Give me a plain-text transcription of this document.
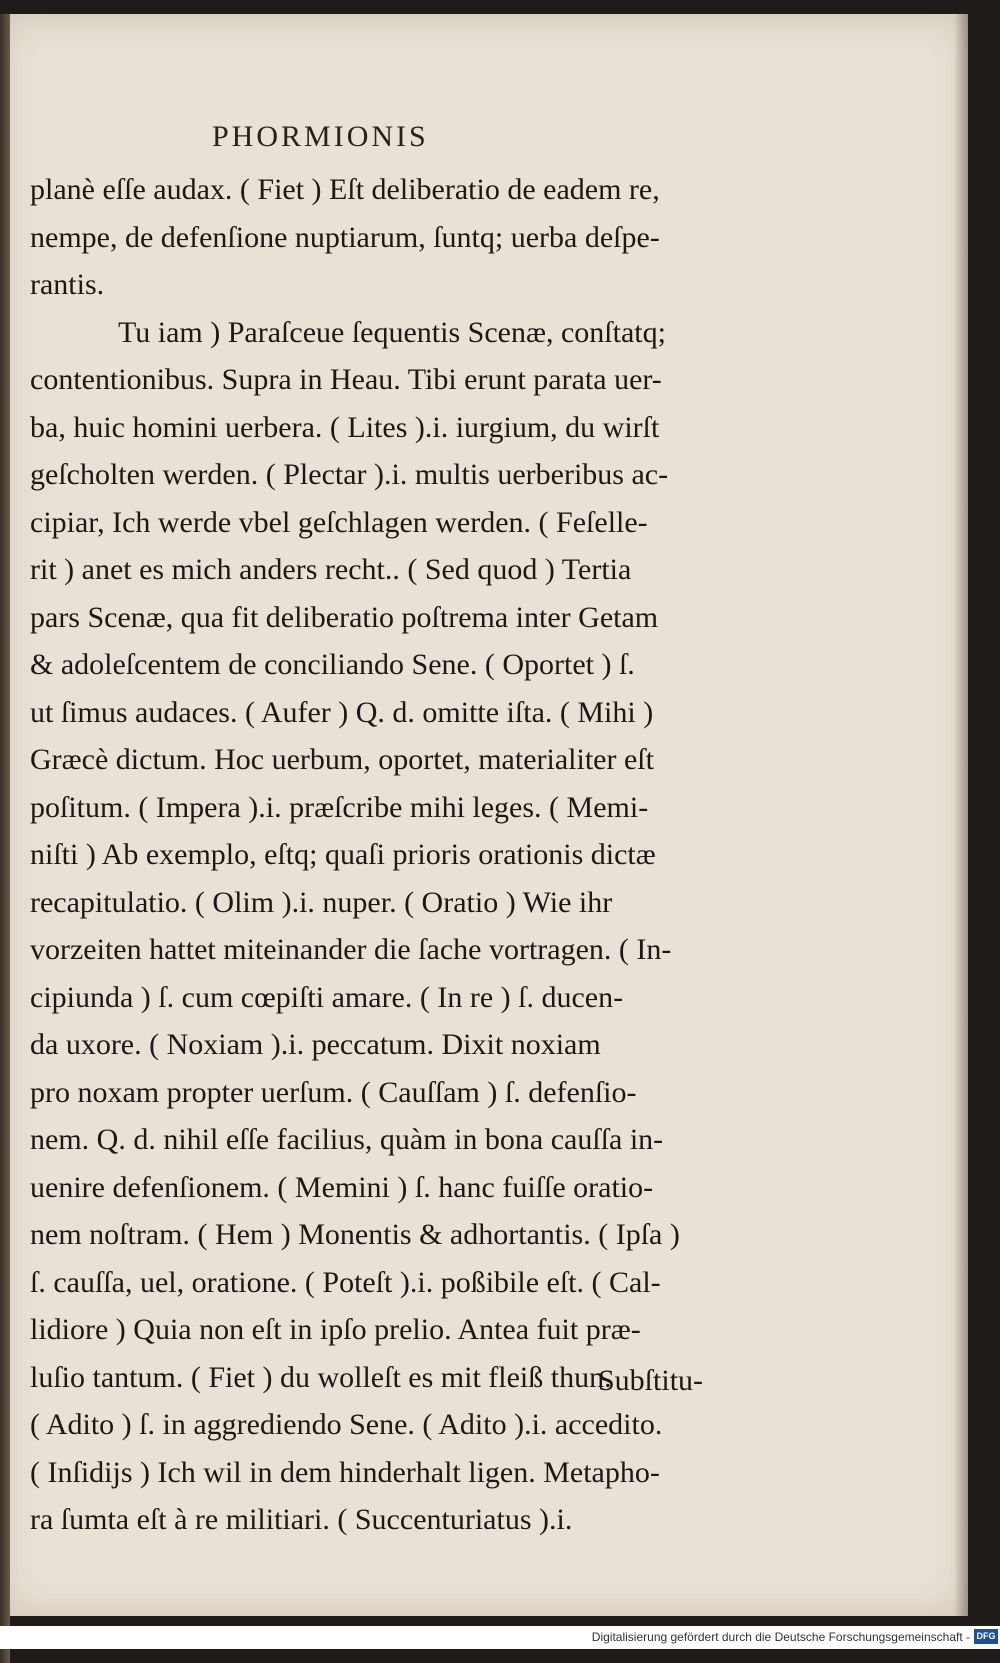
PHORMIONIS
planè eſſe audax. ( Fiet ) Eſt deliberatio de eadem re,
nempe, de defenſione nuptiarum, ſuntq; uerba deſpe-
rantis.
Tu iam ) Paraſceue ſequentis Scenæ, conſtatq;
contentionibus. Supra in Heau. Tibi erunt parata uer-
ba, huic homini uerbera. ( Lites ).i. iurgium, du wirſt
geſcholten werden. ( Plectar ).i. multis uerberibus ac-
cipiar, Ich werde vbel geſchlagen werden. ( Feſelle-
rit ) anet es mich anders recht.. ( Sed quod ) Tertia
pars Scenæ, qua fit deliberatio poſtrema inter Getam
& adoleſcentem de conciliando Sene. ( Oportet ) ſ.
ut ſimus audaces. ( Aufer ) Q. d. omitte iſta. ( Mihi )
Græcè dictum. Hoc uerbum, oportet, materialiter eſt
poſitum. ( Impera ).i. præſcribe mihi leges. ( Memi-
niſti ) Ab exemplo, eſtq; quaſi prioris orationis dictæ
recapitulatio. ( Olim ).i. nuper. ( Oratio ) Wie ihr
vorzeiten hattet miteinander die ſache vortragen. ( In-
cipiunda ) ſ. cum cœpiſti amare. ( In re ) ſ. ducen-
da uxore. ( Noxiam ).i. peccatum. Dixit noxiam
pro noxam propter uerſum. ( Cauſſam ) ſ. defenſio-
nem. Q. d. nihil eſſe facilius, quàm in bona cauſſa in-
uenire defenſionem. ( Memini ) ſ. hanc fuiſſe oratio-
nem noſtram. ( Hem ) Monentis & adhortantis. ( Ipſa )
ſ. cauſſa, uel, oratione. ( Poteſt ).i. poßibile eſt. ( Cal-
lidiore ) Quia non eſt in ipſo prelio. Antea fuit præ-
luſio tantum. ( Fiet ) du wolleſt es mit fleiß thun.
( Adito ) ſ. in aggrediendo Sene. ( Adito ).i. accedito.
( Inſidijs ) Ich wil in dem hinderhalt ligen. Metapho-
ra ſumta eſt à re militiari. ( Succenturiatus ).i.
Subſtitu-
Digitalisierung gefördert durch die Deutsche Forschungsgemeinschaft - DFG
